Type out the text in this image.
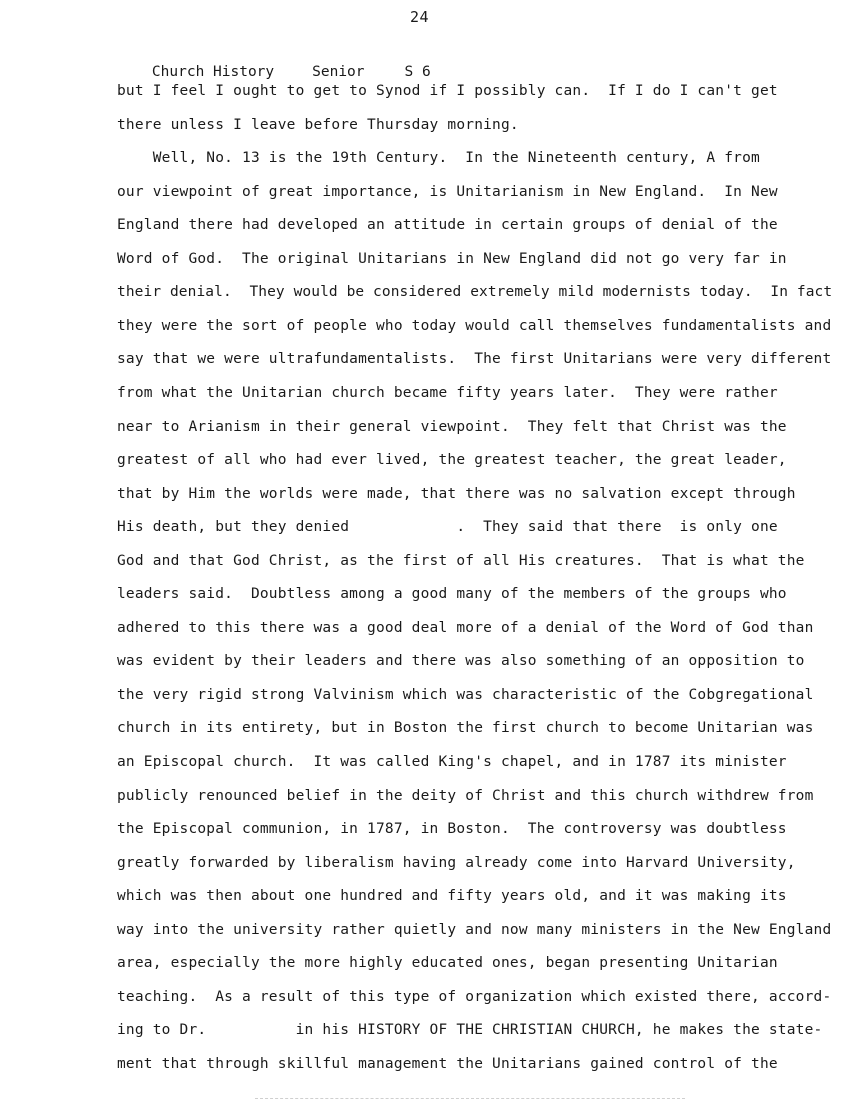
24

Church History	Senior	S 6

but I feel I ought to get to Synod if I possibly can.  If I do I can't get
there unless I leave before Thursday morning.
Well, No. 13 is the 19th Century.  In the Nineteenth century, A from
our viewpoint of great importance, is Unitarianism in New England.  In New
England there had developed an attitude in certain groups of denial of the
Word of God.  The original Unitarians in New England did not go very far in
their denial.  They would be considered extremely mild modernists today.  In fact
they were the sort of people who today would call themselves fundamentalists and
say that we were ultrafundamentalists.  The first Unitarians were very different
from what the Unitarian church became fifty years later.  They were rather
near to Arianism in their general viewpoint.  They felt that Christ was the
greatest of all who had ever lived, the greatest teacher, the great leader,
that by Him the worlds were made, that there was no salvation except through
His death, but they denied            .  They said that there  is only one
God and that God Christ, as the first of all His creatures.  That is what the
leaders said.  Doubtless among a good many of the members of the groups who
adhered to this there was a good deal more of a denial of the Word of God than
was evident by their leaders and there was also something of an opposition to
the very rigid strong Valvinism which was characteristic of the Cobgregational
church in its entirety, but in Boston the first church to become Unitarian was
an Episcopal church.  It was called King's chapel, and in 1787 its minister
publicly renounced belief in the deity of Christ and this church withdrew from
the Episcopal communion, in 1787, in Boston.  The controversy was doubtless
greatly forwarded by liberalism having already come into Harvard University,
which was then about one hundred and fifty years old, and it was making its
way into the university rather quietly and now many ministers in the New England
area, especially the more highly educated ones, began presenting Unitarian
teaching.  As a result of this type of organization which existed there, accord-
ing to Dr.          in his HISTORY OF THE CHRISTIAN CHURCH, he makes the state-
ment that through skillful management the Unitarians gained control of the
